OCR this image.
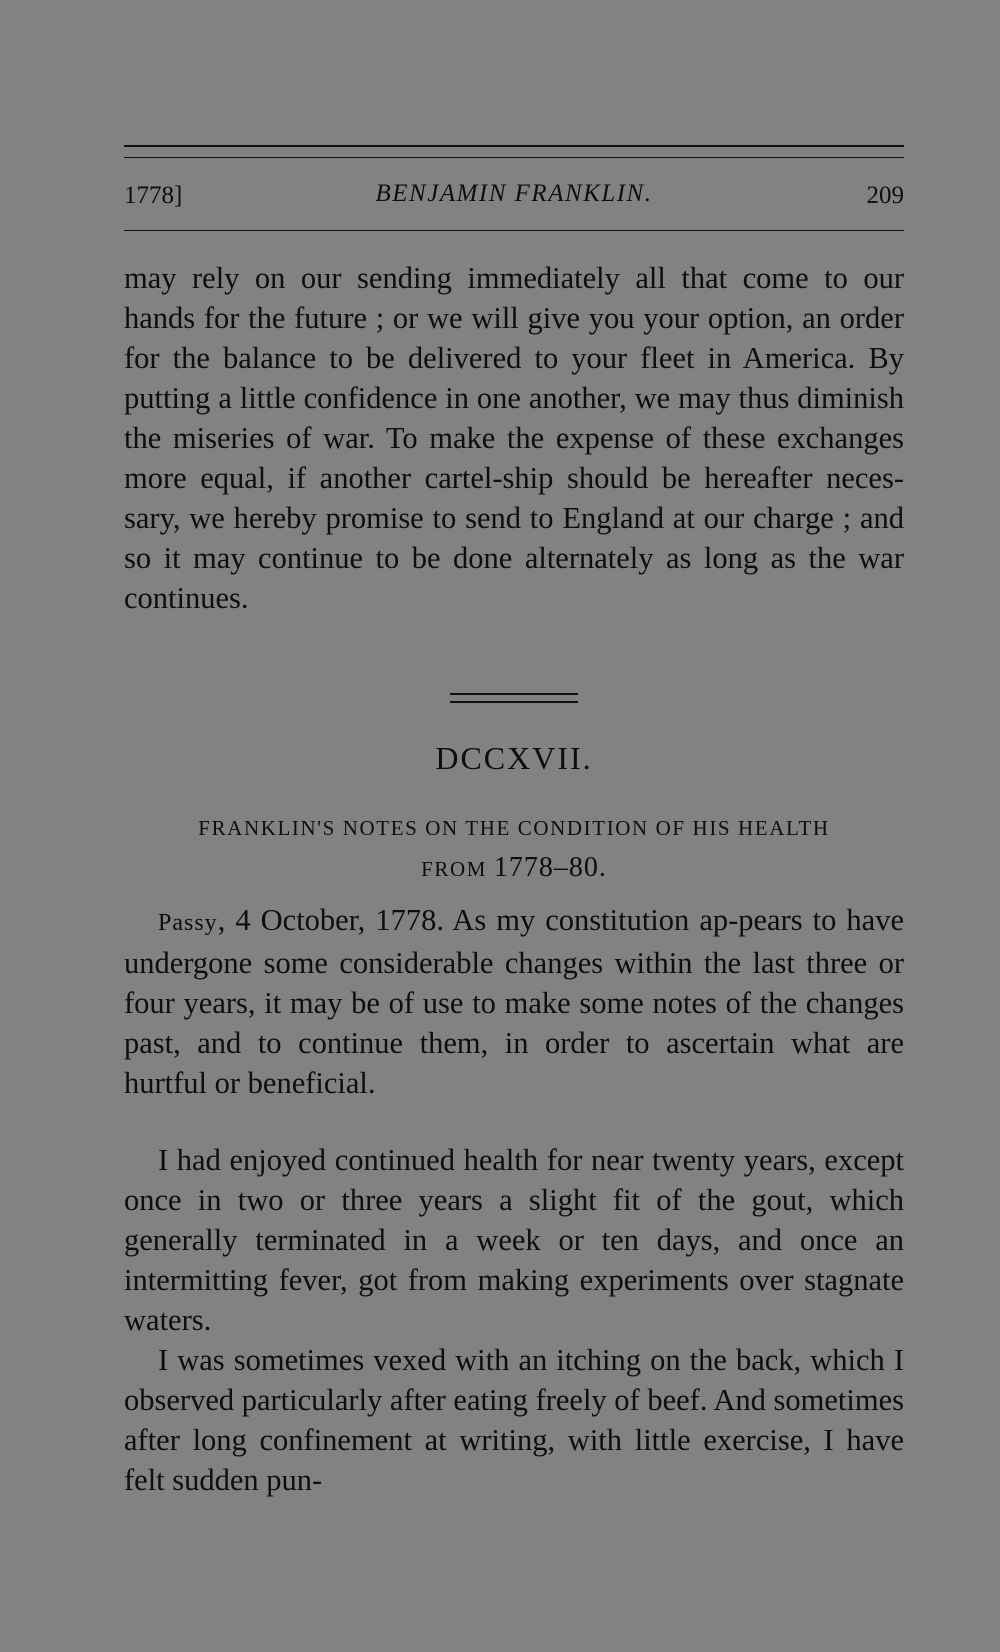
1778]	BENJAMIN FRANKLIN.	209

may rely on our sending immediately all that come to our hands for the future ; or we will give you your option, an order for the balance to be delivered to your fleet in America. By putting a little confidence in one another, we may thus diminish the miseries of war. To make the expense of these exchanges more equal, if another cartel-ship should be hereafter neces-sary, we hereby promise to send to England at our charge ; and so it may continue to be done alternately as long as the war continues.

DCCXVII.
FRANKLIN'S NOTES ON THE CONDITION OF HIS HEALTH
FROM 1778–80.

Passy, 4 October, 1778. As my constitution ap-pears to have undergone some considerable changes within the last three or four years, it may be of use to make some notes of the changes past, and to continue them, in order to ascertain what are hurtful or beneficial.

I had enjoyed continued health for near twenty years, except once in two or three years a slight fit of the gout, which generally terminated in a week or ten days, and once an intermitting fever, got from making experiments over stagnate waters.

I was sometimes vexed with an itching on the back, which I observed particularly after eating freely of beef. And sometimes after long confinement at writing, with little exercise, I have felt sudden pun-
